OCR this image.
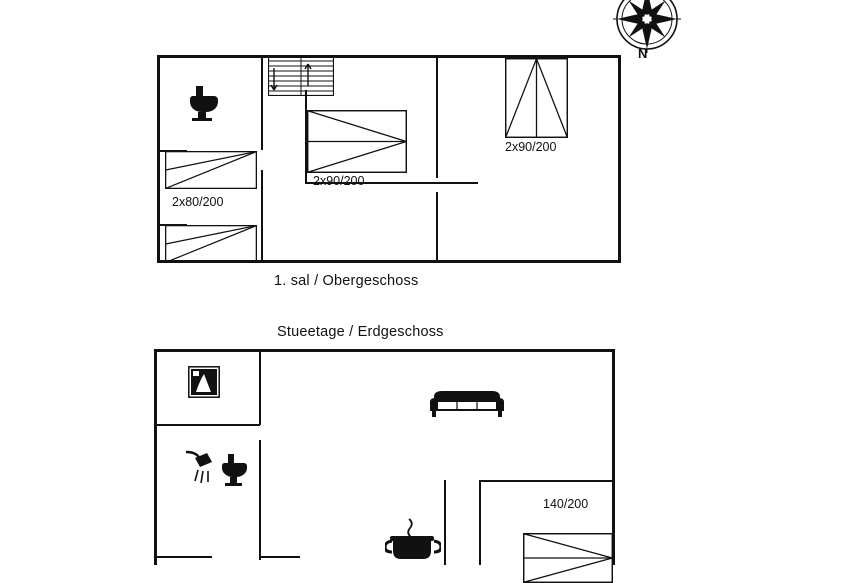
N
2x80/200
2x90/200
2x90/200
1. sal / Obergeschoss
Stueetage / Erdgeschoss
140/200
